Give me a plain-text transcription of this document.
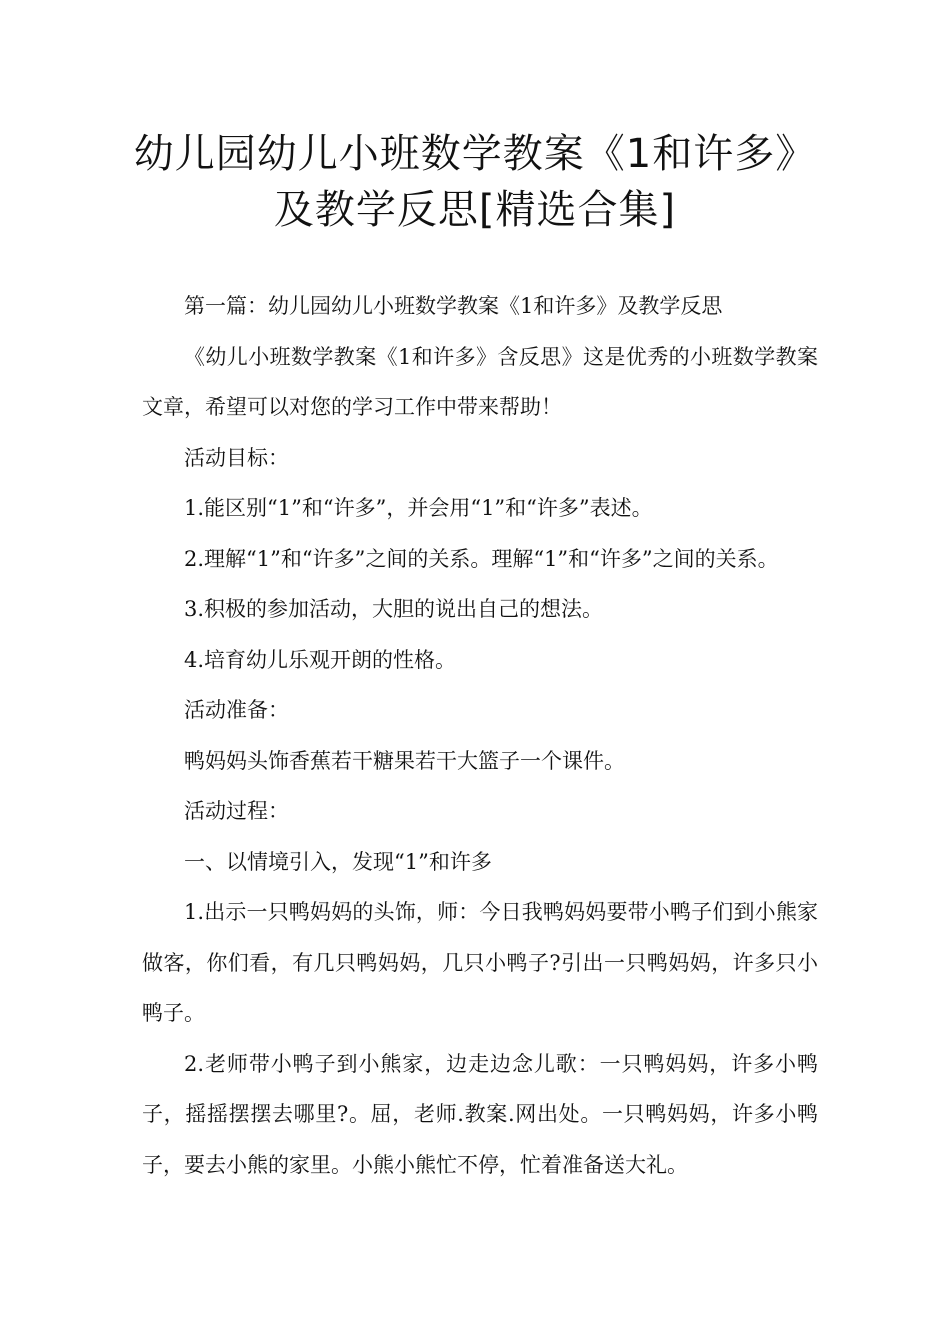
幼儿园幼儿小班数学教案《1和许多》
及教学反思[精选合集]

第一篇：幼儿园幼儿小班数学教案《1和许多》及教学反思

《幼儿小班数学教案《1和许多》含反思》这是优秀的小班数学教案文章，希望可以对您的学习工作中带来帮助！

活动目标：

1.能区别“1”和“许多”，并会用“1”和“许多”表述。

2.理解“1”和“许多”之间的关系。理解“1”和“许多”之间的关系。

3.积极的参加活动，大胆的说出自己的想法。

4.培育幼儿乐观开朗的性格。

活动准备：

鸭妈妈头饰香蕉若干糖果若干大篮子一个课件。

活动过程：

一、以情境引入，发现“1”和许多

1.出示一只鸭妈妈的头饰，师：今日我鸭妈妈要带小鸭子们到小熊家做客，你们看，有几只鸭妈妈，几只小鸭子?引出一只鸭妈妈，许多只小鸭子。

2.老师带小鸭子到小熊家，边走边念儿歌：一只鸭妈妈，许多小鸭子，摇摇摆摆去哪里?。屈，老师.教案.网出处。一只鸭妈妈，许多小鸭子，要去小熊的家里。小熊小熊忙不停，忙着准备送大礼。
